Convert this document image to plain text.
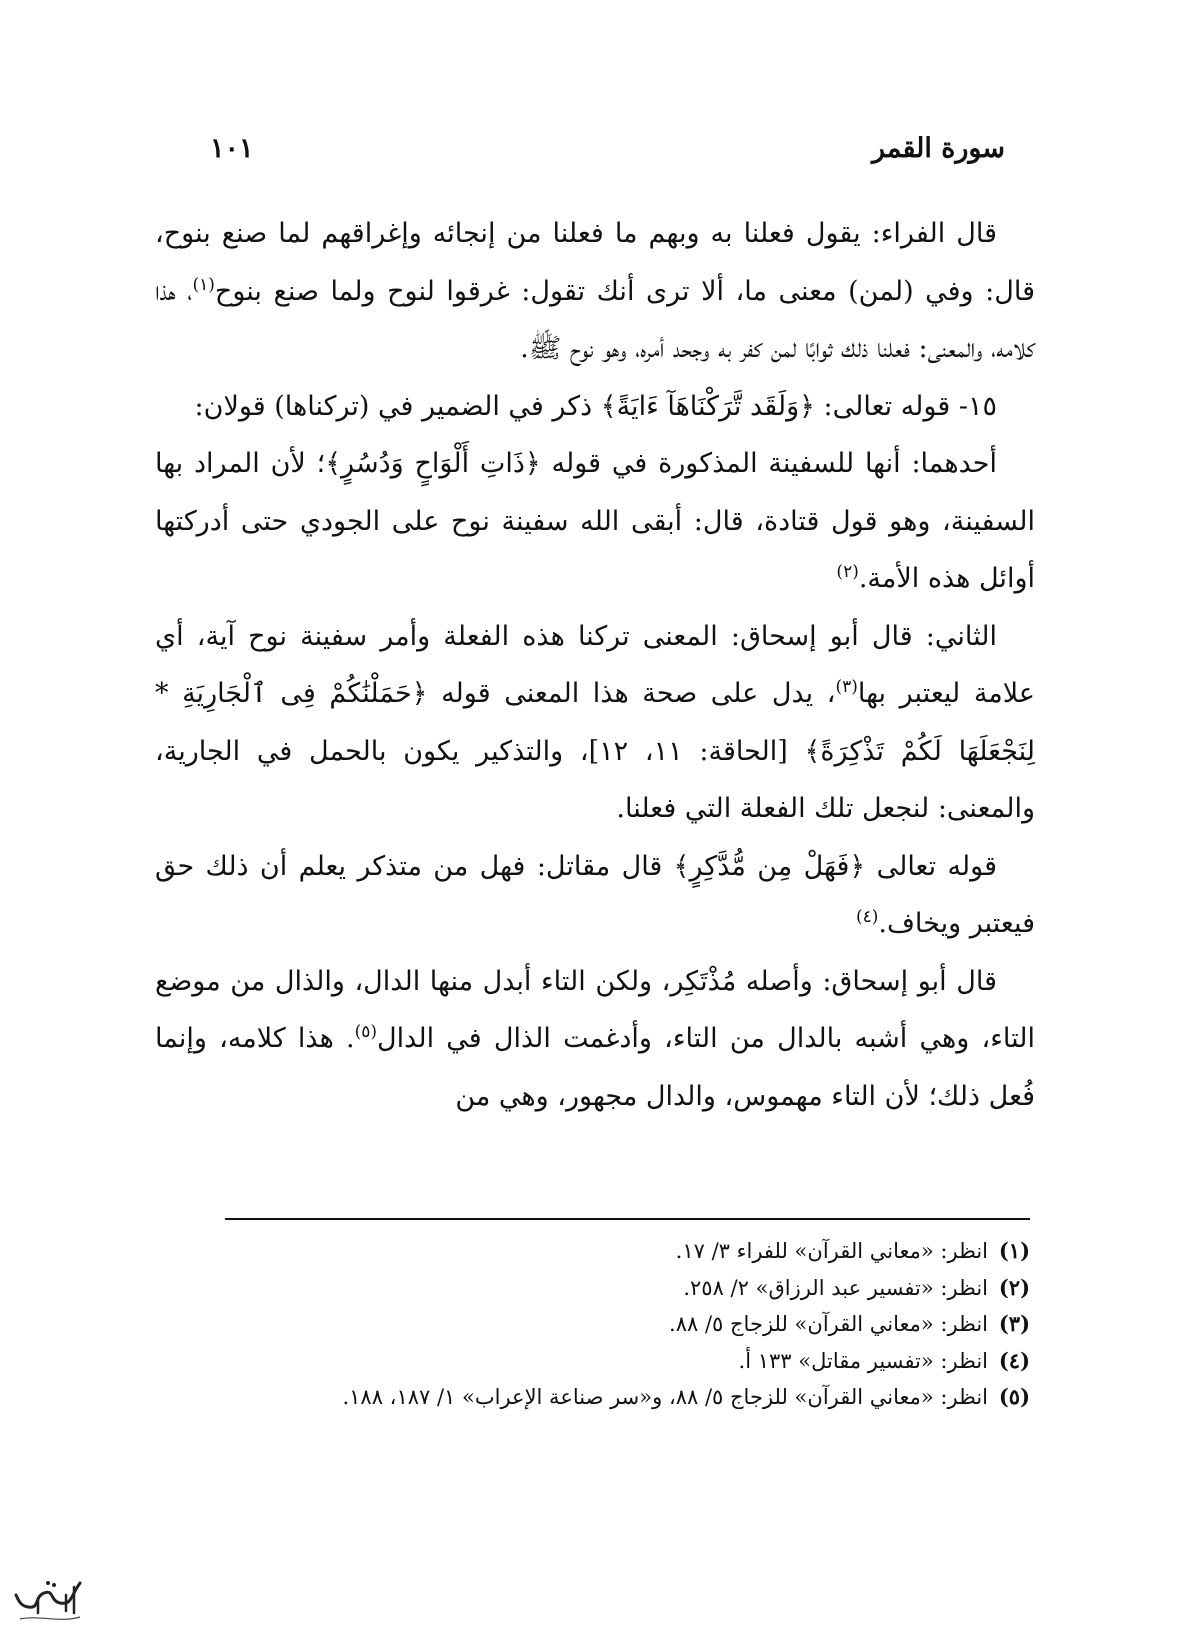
سورة القمر
١٠١

قال الفراء: يقول فعلنا به وبهم ما فعلنا من إنجائه وإغراقهم لما صنع بنوح، قال: وفي (لمن) معنى ما، ألا ترى أنك تقول: غرقوا لنوح ولما صنع بنوح$^{(١)}$، هذا كلامه، والمعنى: فعلنا ذلك ثوابًا لمن كفر به وجحد أمره، وهو نوح ﷺ.

١٥- قوله تعالى: ﴿وَلَقَد تَّرَكْنَاهَآ ءَايَةً﴾ ذكر في الضمير في (تركناها) قولان:

أحدهما: أنها للسفينة المذكورة في قوله ﴿ذَاتِ أَلْوَاحٍ وَدُسُرٍ﴾؛ لأن المراد بها السفينة، وهو قول قتادة، قال: أبقى الله سفينة نوح على الجودي حتى أدركتها أوائل هذه الأمة.$^{(٢)}$

الثاني: قال أبو إسحاق: المعنى تركنا هذه الفعلة وأمر سفينة نوح آية، أي علامة ليعتبر بها$^{(٣)}$، يدل على صحة هذا المعنى قوله ﴿حَمَلْنَٰكُمْ فِى ٱلْجَارِيَةِ * لِنَجْعَلَهَا لَكُمْ تَذْكِرَةً﴾ [الحاقة: ١١، ١٢]، والتذكير يكون بالحمل في الجارية، والمعنى: لنجعل تلك الفعلة التي فعلنا.

قوله تعالى ﴿فَهَلْ مِن مُّدَّكِرٍ﴾ قال مقاتل: فهل من متذكر يعلم أن ذلك حق فيعتبر ويخاف.$^{(٤)}$

قال أبو إسحاق: وأصله مُذْتَكِر، ولكن التاء أبدل منها الدال، والذال من موضع التاء، وهي أشبه بالدال من التاء، وأدغمت الذال في الدال$^{(٥)}$. هذا كلامه، وإنما فُعل ذلك؛ لأن التاء مهموس، والدال مجهور، وهي من

(١)
انظر: «معاني القرآن» للفراء ٣/ ١٧.
(٢)
انظر: «تفسير عبد الرزاق» ٢/ ٢٥٨.
(٣)
انظر: «معاني القرآن» للزجاج ٥/ ٨٨.
(٤)
انظر: «تفسير مقاتل» ١٣٣ أ.
(٥)
انظر: «معاني القرآن» للزجاج ٥/ ٨٨، و«سر صناعة الإعراب» ١/ ١٨٧، ١٨٨.
